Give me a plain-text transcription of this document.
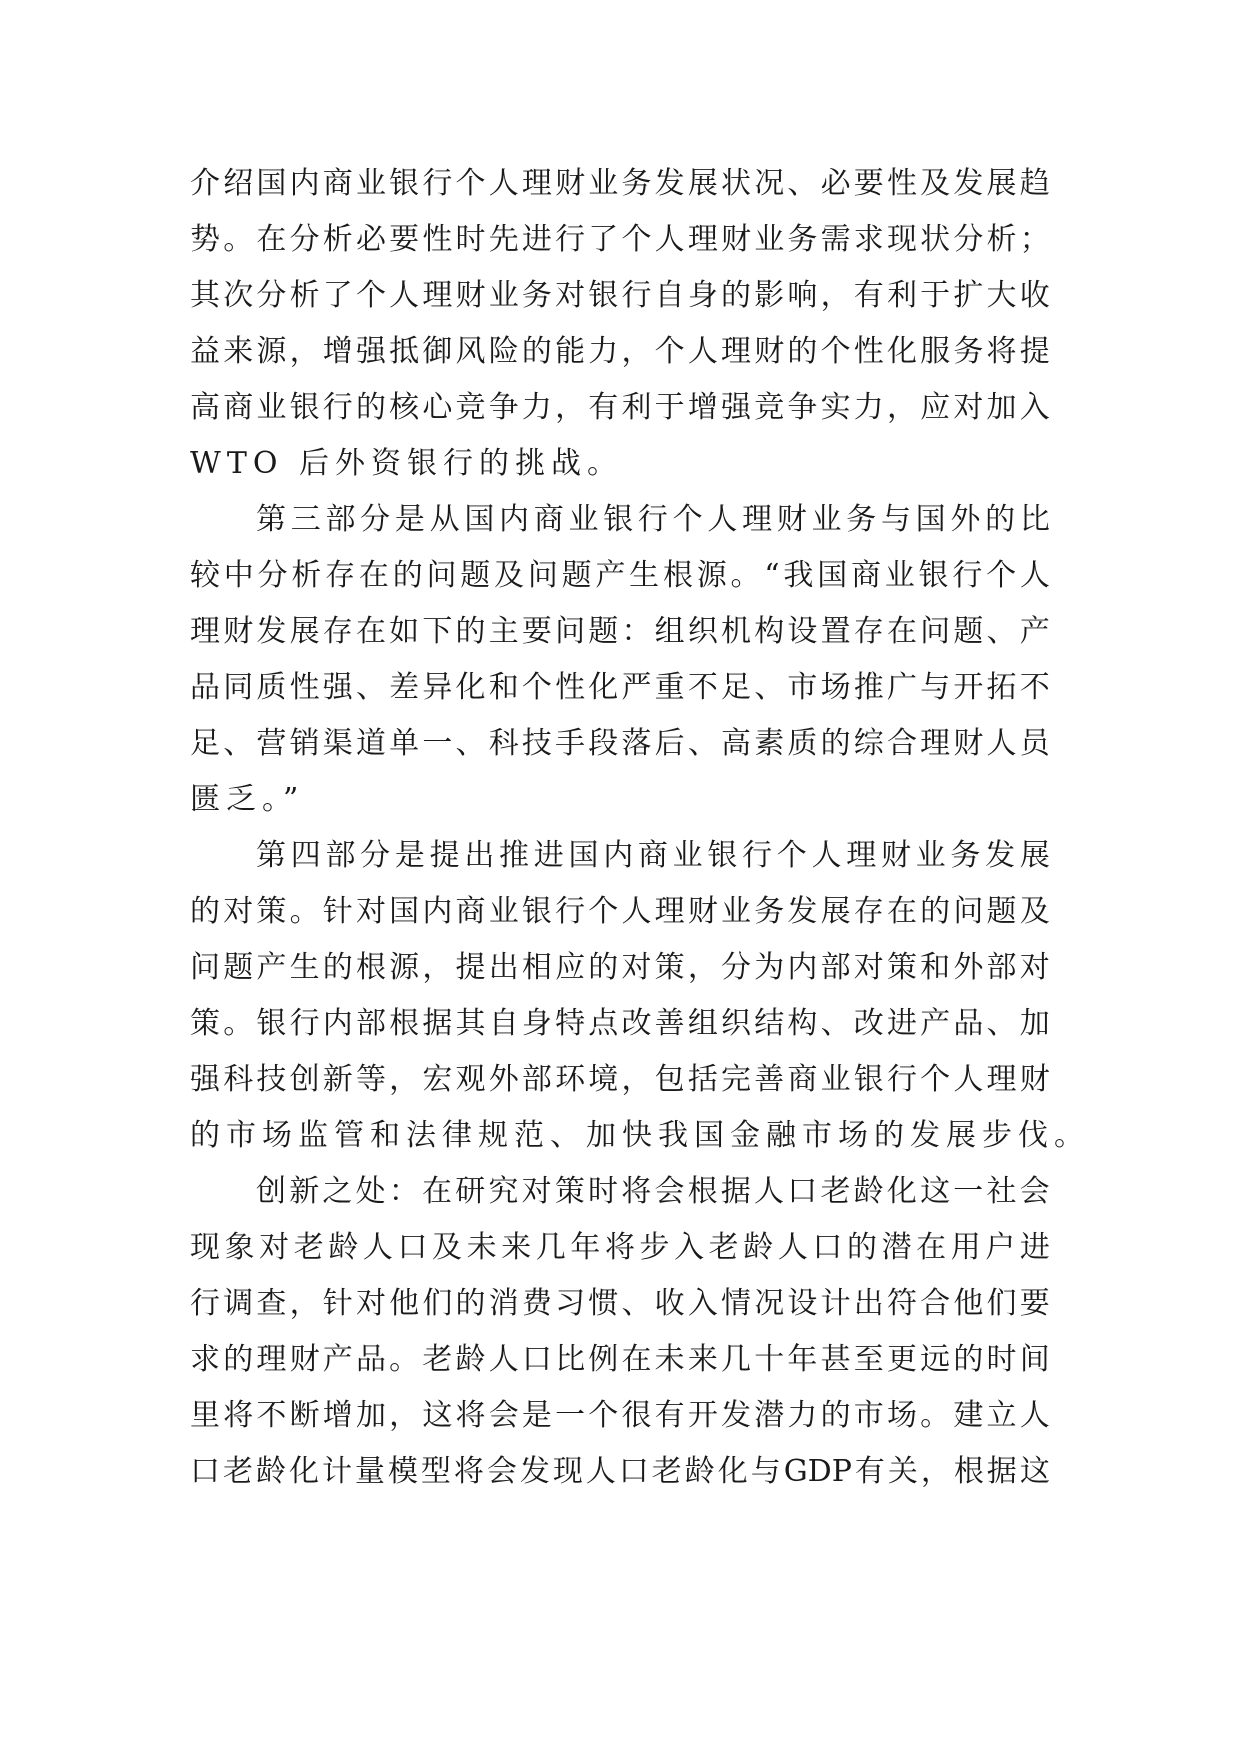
介 绍 国 内 商 业 银 行 个 人 理 财 业 务 发 展 状 况 、 必 要 性 及 发 展 趋
势 。 在 分 析 必 要 性 时 先 进 行 了 个 人 理 财 业 务 需 求 现 状 分 析 ；
其 次 分 析 了 个 人 理 财 业 务 对 银 行 自 身 的 影 响 ， 有 利 于 扩 大 收
益 来 源 ， 增 强 抵 御 风 险 的 能 力 ， 个 人 理 财 的 个 性 化 服 务 将 提
高 商 业 银 行 的 核 心 竞 争 力 ， 有 利 于 增 强 竞 争 实 力 ， 应 对 加 入
WTO 后外资银行的挑战。
第 三 部 分 是 从 国 内 商 业 银 行 个 人 理 财 业 务 与 国 外 的 比
较 中 分 析 存 在 的 问 题 及 问 题 产 生 根 源 。 “ 我 国 商 业 银 行 个 人
理 财 发 展 存 在 如 下 的 主 要 问 题 ： 组 织 机 构 设 置 存 在 问 题 、 产
品 同 质 性 强 、 差 异 化 和 个 性 化 严 重 不 足 、 市 场 推 广 与 开 拓 不
足 、 营 销 渠 道 单 一 、 科 技 手 段 落 后 、 高 素 质 的 综 合 理 财 人 员
匮乏。”
第 四 部 分 是 提 出 推 进 国 内 商 业 银 行 个 人 理 财 业 务 发 展
的 对 策 。 针 对 国 内 商 业 银 行 个 人 理 财 业 务 发 展 存 在 的 问 题 及
问 题 产 生 的 根 源 ， 提 出 相 应 的 对 策 ， 分 为 内 部 对 策 和 外 部 对
策 。 银 行 内 部 根 据 其 自 身 特 点 改 善 组 织 结 构 、 改 进 产 品 、 加
强 科 技 创 新 等 ， 宏 观 外 部 环 境 ， 包 括 完 善 商 业 银 行 个 人 理 财
的市场监管和法律规范、加快我国金融市场的发展步伐。
创 新 之 处 ： 在 研 究 对 策 时 将 会 根 据 人 口 老 龄 化 这 一 社 会
现 象 对 老 龄 人 口 及 未 来 几 年 将 步 入 老 龄 人 口 的 潜 在 用 户 进
行 调 查 ， 针 对 他 们 的 消 费 习 惯 、 收 入 情 况 设 计 出 符 合 他 们 要
求 的 理 财 产 品 。 老 龄 人 口 比 例 在 未 来 几 十 年 甚 至 更 远 的 时 间
里 将 不 断 增 加 ， 这 将 会 是 一 个 很 有 开 发 潜 力 的 市 场 。 建 立 人
口 老 龄 化 计 量 模 型 将 会 发 现 人 口 老 龄 化 与 GDP 有 关 ， 根 据 这
